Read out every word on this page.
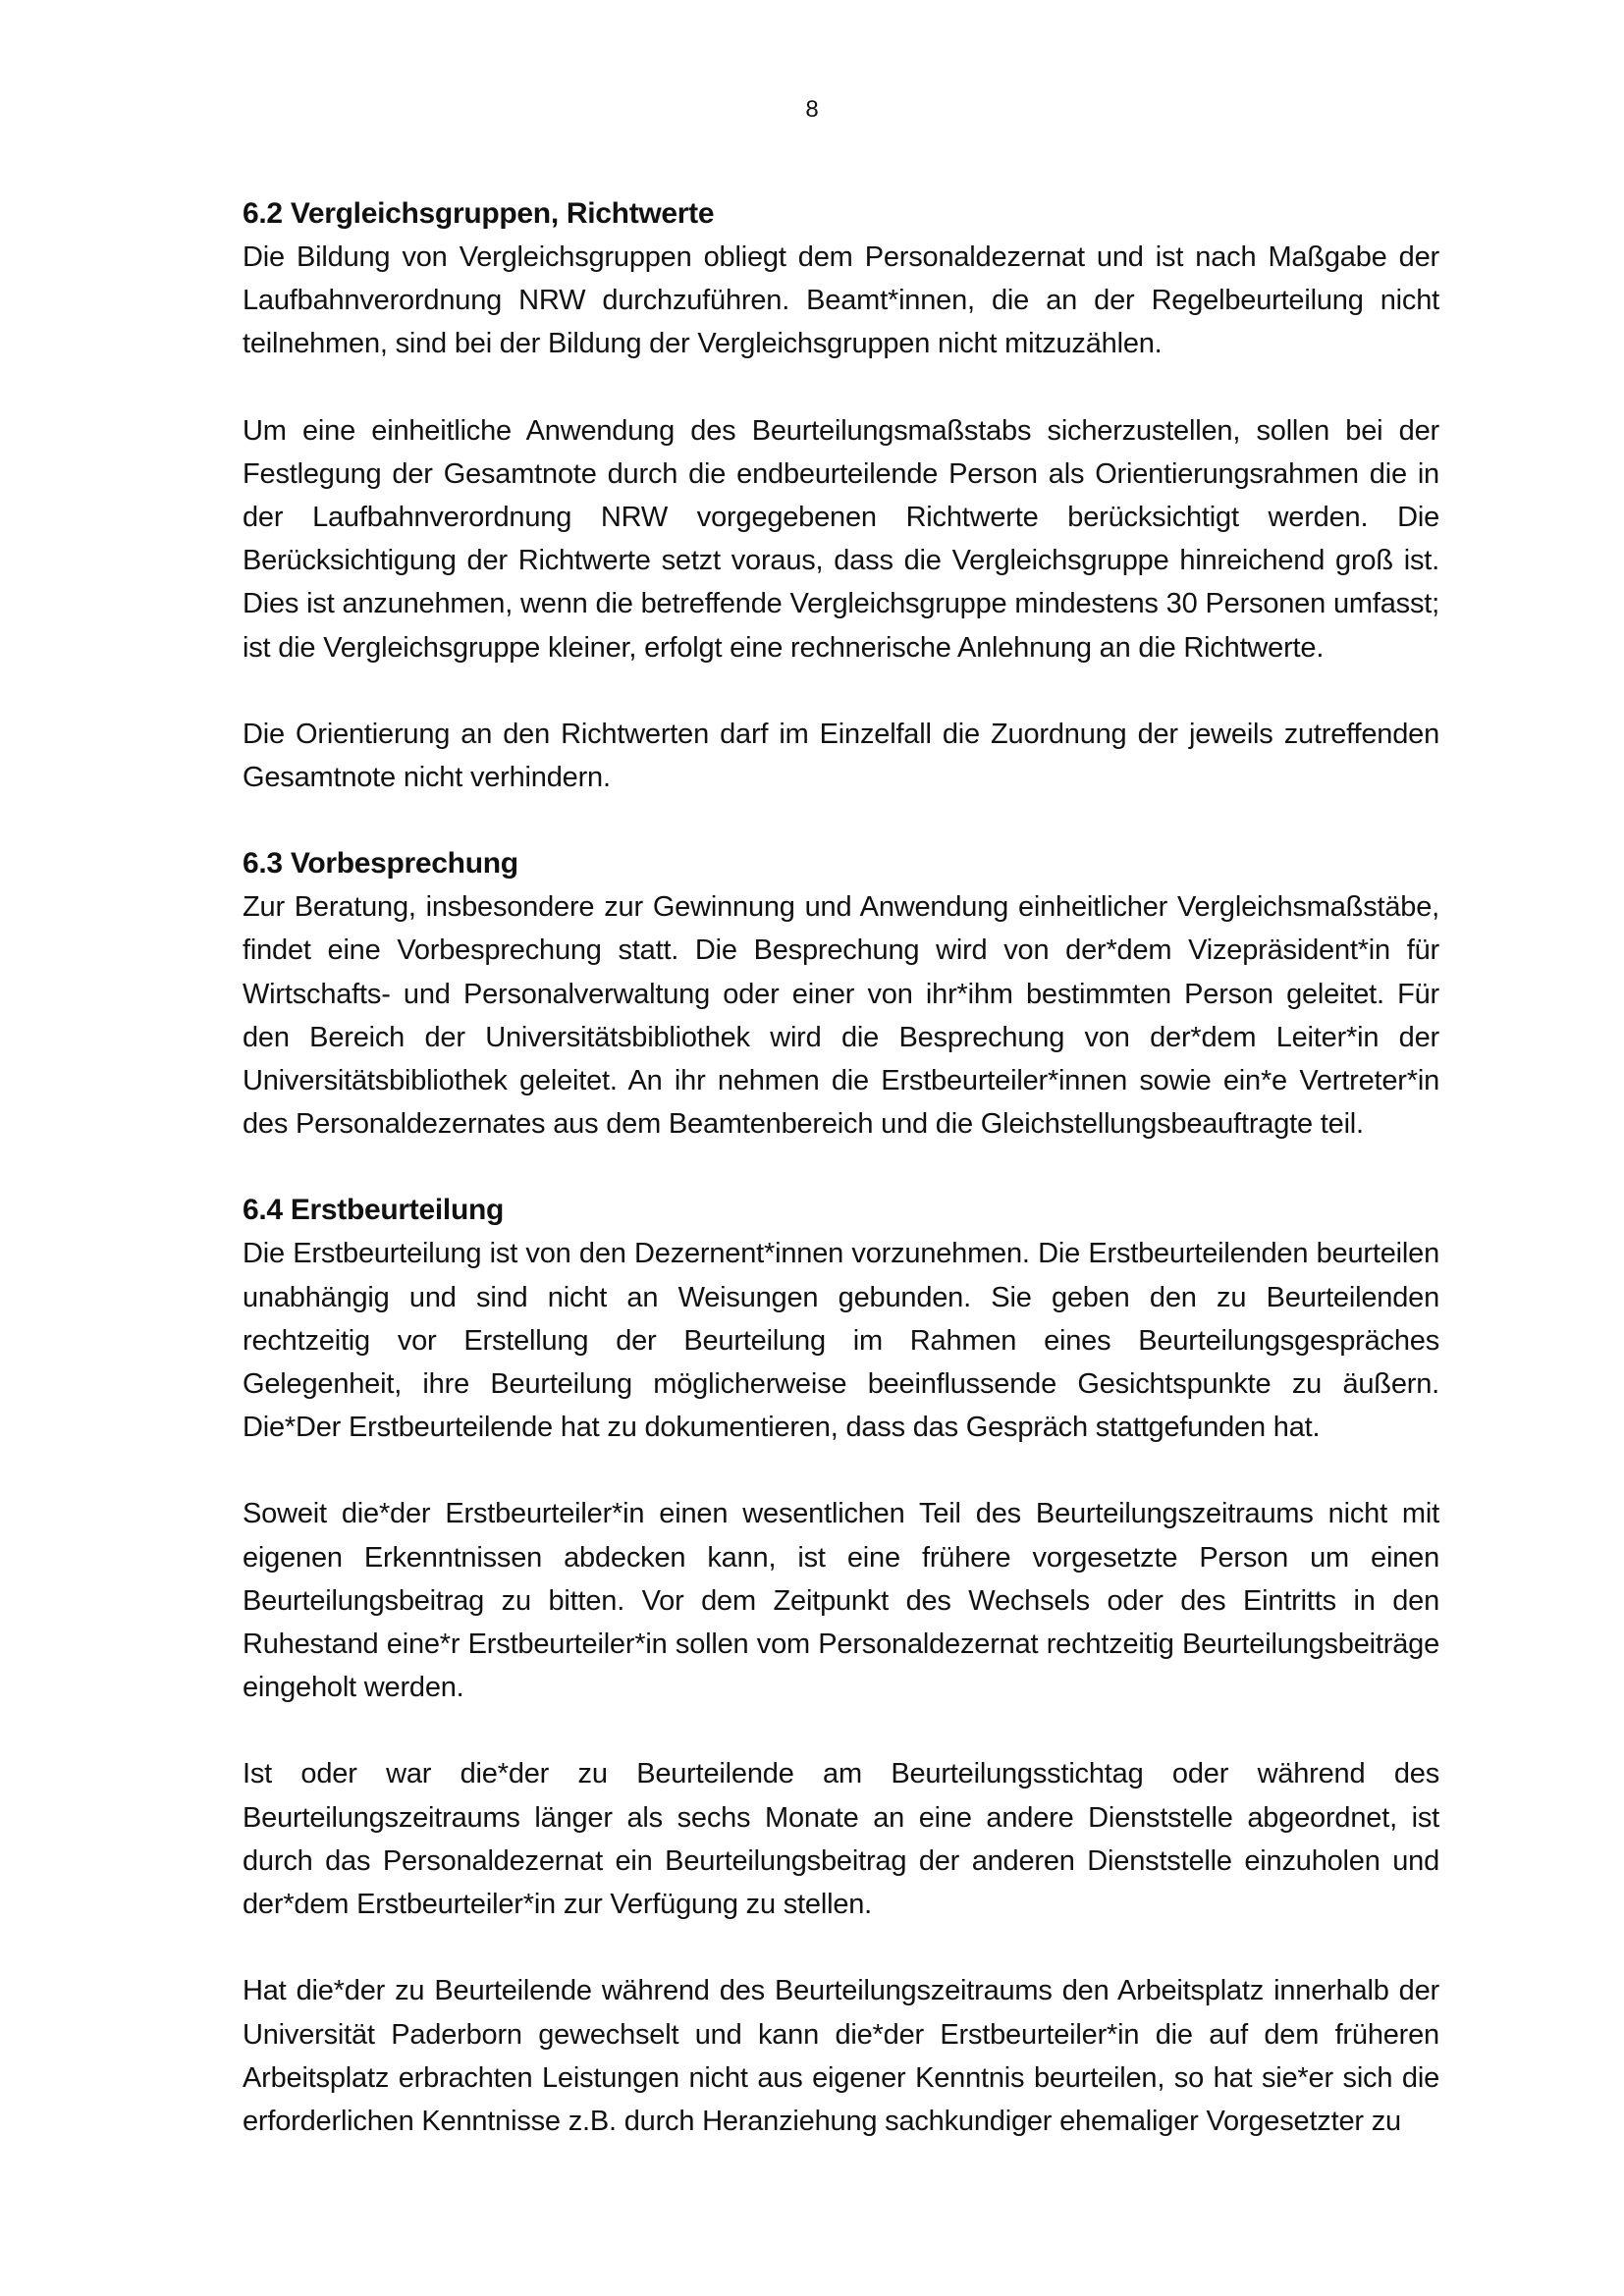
8
6.2 Vergleichsgruppen, Richtwerte

Die Bildung von Vergleichsgruppen obliegt dem Personaldezernat und ist nach Maßgabe der Laufbahnverordnung NRW durchzuführen. Beamt*innen, die an der Regelbeurteilung nicht teilnehmen, sind bei der Bildung der Vergleichsgruppen nicht mitzuzählen.

Um eine einheitliche Anwendung des Beurteilungsmaßstabs sicherzustellen, sollen bei der Festlegung der Gesamtnote durch die endbeurteilende Person als Orientierungsrahmen die in der Laufbahnverordnung NRW vorgegebenen Richtwerte berücksichtigt werden. Die Berücksichtigung der Richtwerte setzt voraus, dass die Vergleichsgruppe hinreichend groß ist. Dies ist anzunehmen, wenn die betreffende Vergleichsgruppe mindestens 30 Personen umfasst; ist die Vergleichsgruppe kleiner, erfolgt eine rechnerische Anlehnung an die Richtwerte.

Die Orientierung an den Richtwerten darf im Einzelfall die Zuordnung der jeweils zutreffenden Gesamtnote nicht verhindern.

6.3 Vorbesprechung

Zur Beratung, insbesondere zur Gewinnung und Anwendung einheitlicher Vergleichsmaßstäbe, findet eine Vorbesprechung statt. Die Besprechung wird von der*dem Vizepräsident*in für Wirtschafts- und Personalverwaltung oder einer von ihr*ihm bestimmten Person geleitet. Für den Bereich der Universitätsbibliothek wird die Besprechung von der*dem Leiter*in der Universitätsbibliothek geleitet. An ihr nehmen die Erstbeurteiler*innen sowie ein*e Vertreter*in des Personaldezernates aus dem Beamtenbereich und die Gleichstellungsbeauftragte teil.

6.4 Erstbeurteilung

Die Erstbeurteilung ist von den Dezernent*innen vorzunehmen. Die Erstbeurteilenden beurteilen unabhängig und sind nicht an Weisungen gebunden. Sie geben den zu Beurteilenden rechtzeitig vor Erstellung der Beurteilung im Rahmen eines Beurteilungsgespräches Gelegenheit, ihre Beurteilung möglicherweise beeinflussende Gesichtspunkte zu äußern. Die*Der Erstbeurteilende hat zu dokumentieren, dass das Gespräch stattgefunden hat.

Soweit die*der Erstbeurteiler*in einen wesentlichen Teil des Beurteilungszeitraums nicht mit eigenen Erkenntnissen abdecken kann, ist eine frühere vorgesetzte Person um einen Beurteilungsbeitrag zu bitten. Vor dem Zeitpunkt des Wechsels oder des Eintritts in den Ruhestand eine*r Erstbeurteiler*in sollen vom Personaldezernat rechtzeitig Beurteilungsbeiträge eingeholt werden.

Ist oder war die*der zu Beurteilende am Beurteilungsstichtag oder während des Beurteilungszeitraums länger als sechs Monate an eine andere Dienststelle abgeordnet, ist durch das Personaldezernat ein Beurteilungsbeitrag der anderen Dienststelle einzuholen und der*dem Erstbeurteiler*in zur Verfügung zu stellen.

Hat die*der zu Beurteilende während des Beurteilungszeitraums den Arbeitsplatz innerhalb der Universität Paderborn gewechselt und kann die*der Erstbeurteiler*in die auf dem früheren Arbeitsplatz erbrachten Leistungen nicht aus eigener Kenntnis beurteilen, so hat sie*er sich die erforderlichen Kenntnisse z.B. durch Heranziehung sachkundiger ehemaliger Vorgesetzter zu
